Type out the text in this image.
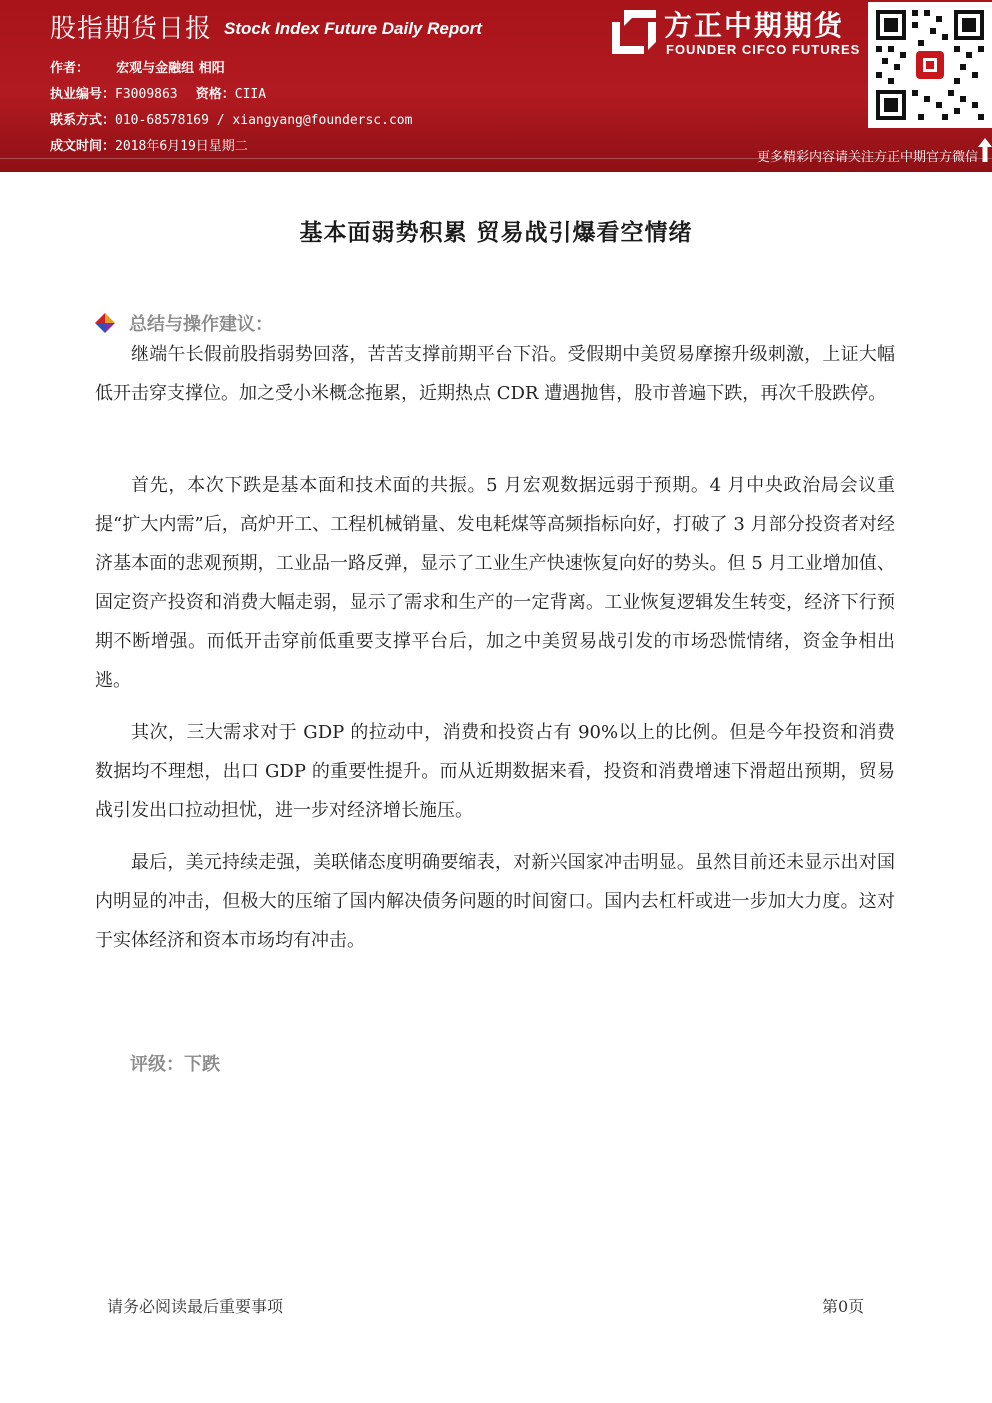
股指期货日报 Stock Index Future Daily Report
作者： 宏观与金融组 相阳
执业编号：F3009863 资格：CIIA
联系方式：010-68578169 / xiangyang@foundersc.com
成文时间：2018年6月19日星期二
方正中期期货
FOUNDER CIFCO FUTURES
更多精彩内容请关注方正中期官方微信
基本面弱势积累 贸易战引爆看空情绪
总结与操作建议：

继端午长假前股指弱势回落，苦苦支撑前期平台下沿。受假期中美贸易摩擦升级刺激，上证大幅低开击穿支撑位。加之受小米概念拖累，近期热点 CDR 遭遇抛售，股市普遍下跌，再次千股跌停。

首先，本次下跌是基本面和技术面的共振。5 月宏观数据远弱于预期。4 月中央政治局会议重提“扩大内需”后，高炉开工、工程机械销量、发电耗煤等高频指标向好，打破了 3 月部分投资者对经济基本面的悲观预期，工业品一路反弹，显示了工业生产快速恢复向好的势头。但 5 月工业增加值、固定资产投资和消费大幅走弱，显示了需求和生产的一定背离。工业恢复逻辑发生转变，经济下行预期不断增强。而低开击穿前低重要支撑平台后，加之中美贸易战引发的市场恐慌情绪，资金争相出逃。

其次，三大需求对于 GDP 的拉动中，消费和投资占有 90%以上的比例。但是今年投资和消费数据均不理想，出口 GDP 的重要性提升。而从近期数据来看，投资和消费增速下滑超出预期，贸易战引发出口拉动担忧，进一步对经济增长施压。

最后，美元持续走强，美联储态度明确要缩表，对新兴国家冲击明显。虽然目前还未显示出对国内明显的冲击，但极大的压缩了国内解决债务问题的时间窗口。国内去杠杆或进一步加大力度。这对于实体经济和资本市场均有冲击。

评级：下跌
请务必阅读最后重要事项	第0页
